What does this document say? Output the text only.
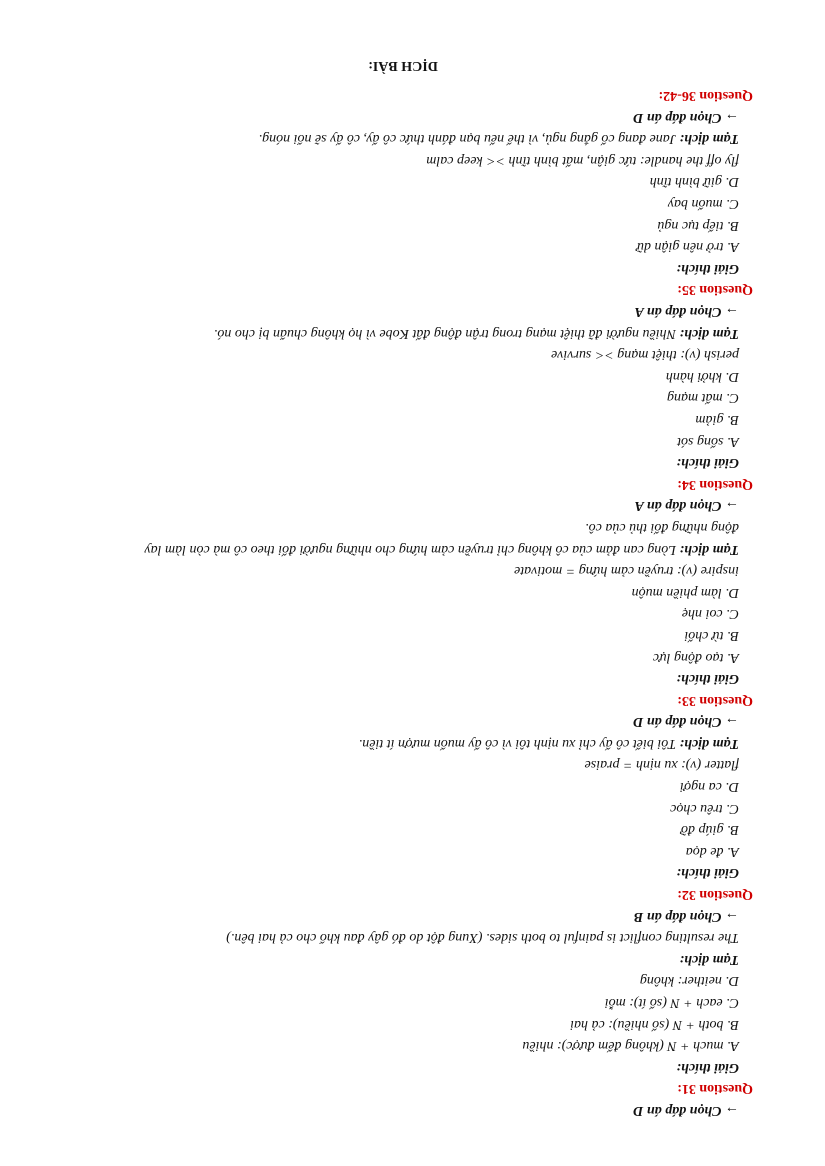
→ Chọn đáp án D
Question 31:
Giải thích:
A. much + N (không đếm được): nhiều
B. both + N (số nhiều): cả hai
C. each + N (số ít): mỗi
D. neither: không
Tạm dịch:
The resulting conflict is painful to both sides. (Xung đột do đó gây đau khổ cho cả hai bên.)
→ Chọn đáp án B
Question 32:
Giải thích:
A. đe dọa
B. giúp đỡ
C. trêu chọc
D. ca ngợi
flatter (v): xu nịnh = praise
Tạm dịch: Tôi biết cô ấy chỉ xu nịnh tôi vì cô ấy muốn mượn ít tiền.
→ Chọn đáp án D
Question 33:
Giải thích:
A. tạo động lực
B. từ chối
C. coi nhẹ
D. làm phiền muộn
inspire (v): truyền cảm hứng = motivate
Tạm dịch: Lòng can đảm của cô không chỉ truyền cảm hứng cho những người đối theo cô mà còn làm lay
động những đối thủ của cô.
→ Chọn đáp án A
Question 34:
Giải thích:
A. sống sót
B. giảm
C. mất mạng
D. khởi hành
perish (v): thiệt mạng >< survive
Tạm dịch: Nhiều người đã thiệt mạng trong trận động đất Kobe vì họ không chuẩn bị cho nó.
→ Chọn đáp án A
Question 35:
Giải thích:
A. trở nên giận dữ
B. tiếp tục ngủ
C. muốn bay
D. giữ bình tĩnh
fly off the handle: tức giận, mất bình tĩnh >< keep calm
Tạm dịch: Jane đang cố gắng ngủ, vì thế nếu bạn đánh thức cô ấy, cô ấy sẽ nổi nóng.
→ Chọn đáp án D
Question 36-42:
DỊCH BÀI:
